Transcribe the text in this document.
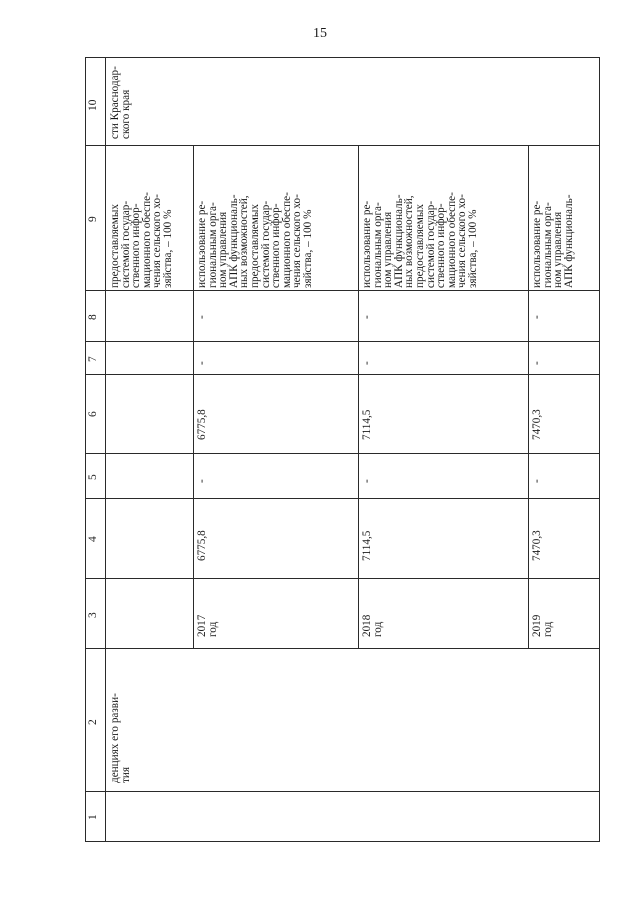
15
1
2
3
4
5
6
7
8
9
10
денциях его разви-
тия
предоставляемых
системой государ-
ственного инфор-
мационного обеспе-
чения сельского хо-
зяйства, – 100 %
сти Краснодар-
ского края
2017
год
6775,8
-
6775,8
-
-
использование ре-
гиональным орга-
ном управления
АПК функциональ-
ных возможностей,
предоставляемых
системой государ-
ственного инфор-
мационного обеспе-
чения сельского хо-
зяйства, – 100 %
2018
год
7114,5
-
7114,5
-
-
использование ре-
гиональным орга-
ном управления
АПК функциональ-
ных возможностей,
предоставляемых
системой государ-
ственного инфор-
мационного обеспе-
чения сельского хо-
зяйства, – 100 %
2019
год
7470,3
-
7470,3
-
-
использование ре-
гиональным орга-
ном управления
АПК функциональ-
